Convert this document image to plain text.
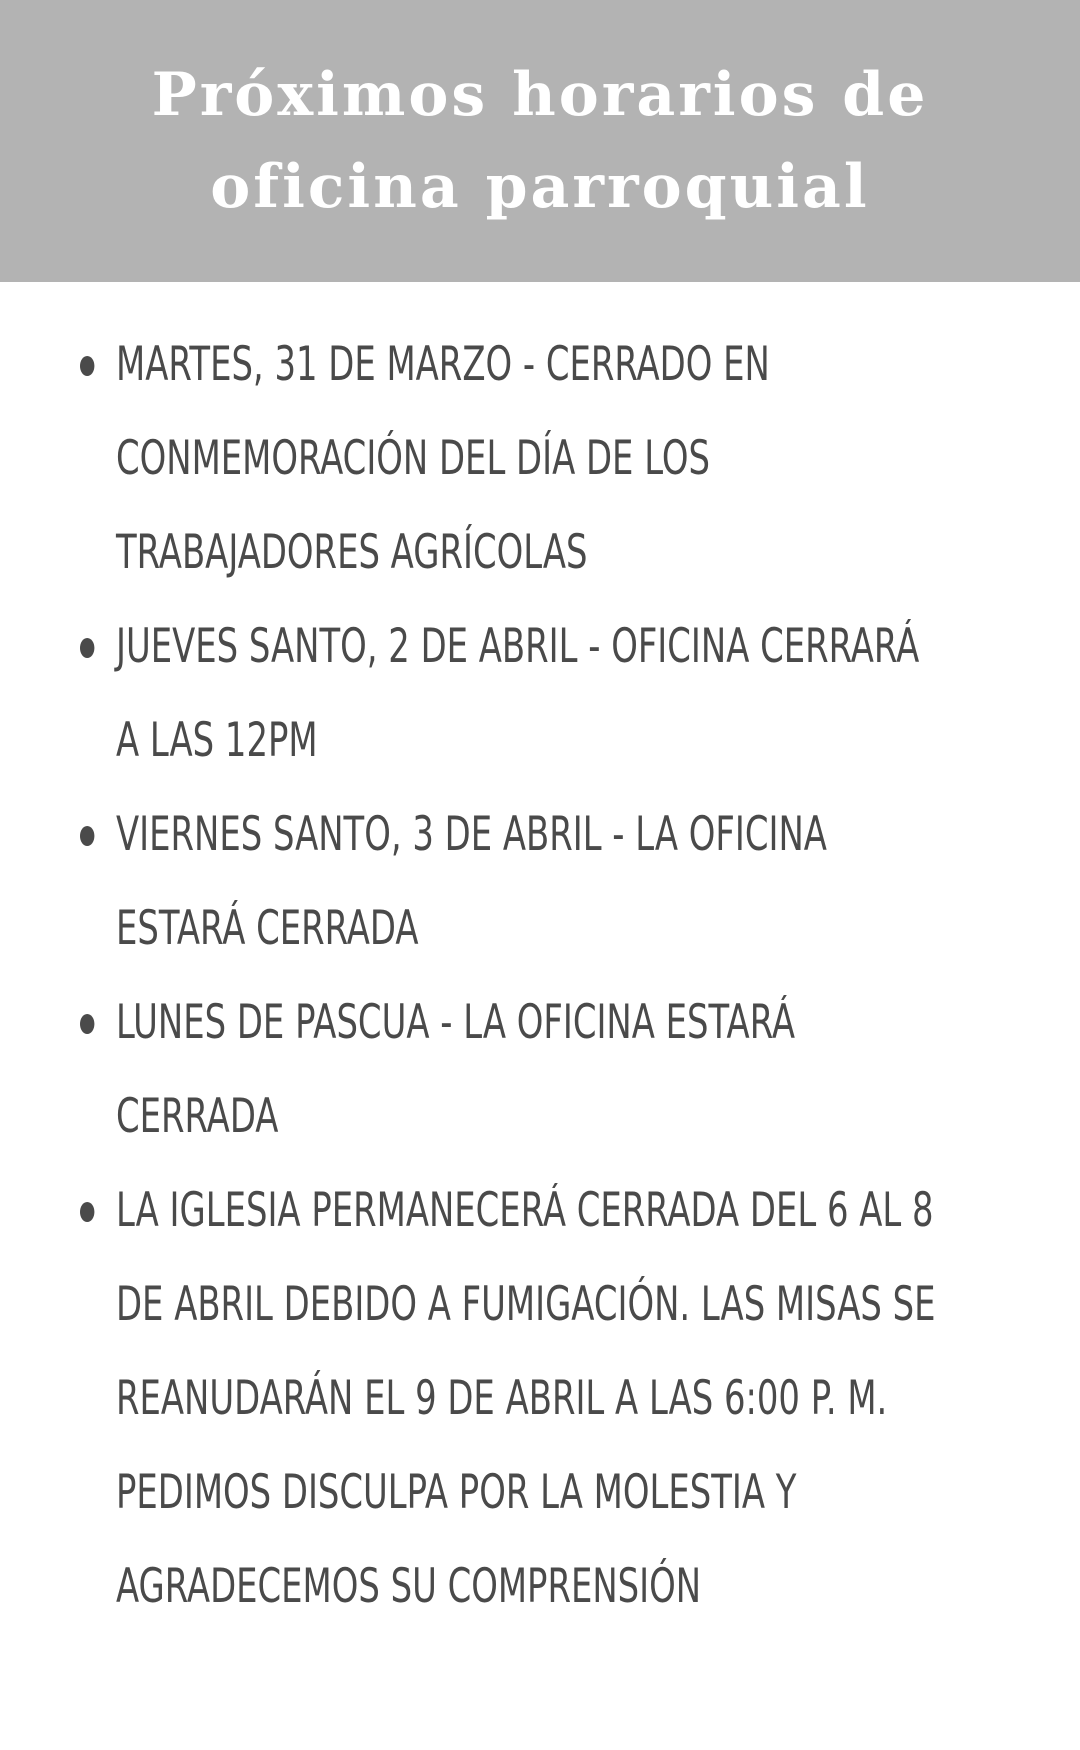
Próximos horarios de oficina parroquial
MARTES, 31 DE MARZO - CERRADO EN CONMEMORACIÓN DEL DÍA DE LOS TRABAJADORES AGRÍCOLAS
JUEVES SANTO, 2 DE ABRIL - OFICINA CERRARÁ A LAS 12PM
VIERNES SANTO, 3 DE ABRIL - LA OFICINA ESTARÁ CERRADA
LUNES DE PASCUA - LA OFICINA ESTARÁ CERRADA
LA IGLESIA PERMANECERÁ CERRADA DEL 6 AL 8 DE ABRIL DEBIDO A FUMIGACIÓN. LAS MISAS SE REANUDARÁN EL 9 DE ABRIL A LAS 6:00 P. M. PEDIMOS DISCULPA POR LA MOLESTIA Y AGRADECEMOS SU COMPRENSIÓN
